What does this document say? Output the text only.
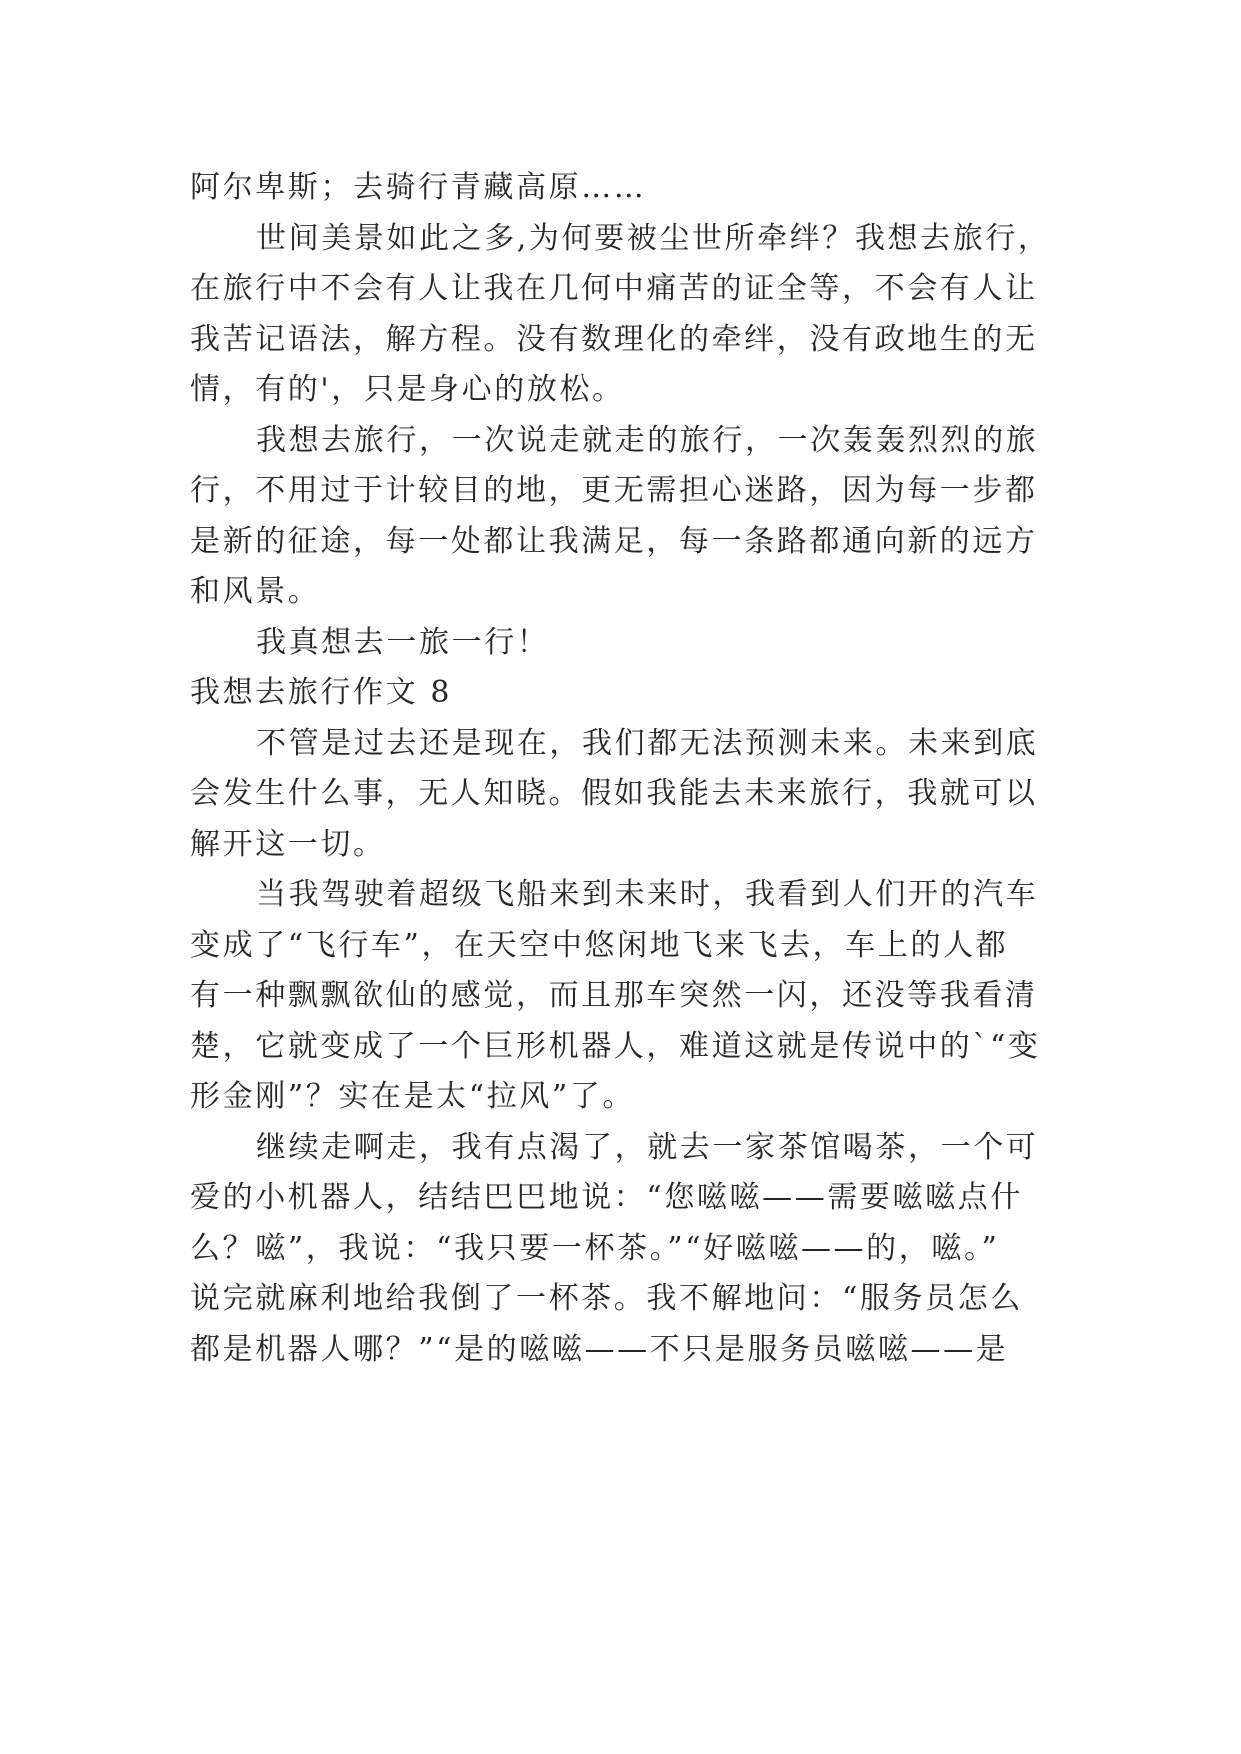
阿尔卑斯；去骑行青藏高原……
世间美景如此之多,为何要被尘世所牵绊？我想去旅行，
在旅行中不会有人让我在几何中痛苦的证全等，不会有人让
我苦记语法，解方程。没有数理化的牵绊，没有政地生的无
情，有的'，只是身心的放松。
我想去旅行，一次说走就走的旅行，一次轰轰烈烈的旅
行，不用过于计较目的地，更无需担心迷路，因为每一步都
是新的征途，每一处都让我满足，每一条路都通向新的远方
和风景。
我真想去一旅一行！
我想去旅行作文 8
不管是过去还是现在，我们都无法预测未来。未来到底
会发生什么事，无人知晓。假如我能去未来旅行，我就可以
解开这一切。
当我驾驶着超级飞船来到未来时，我看到人们开的汽车
变成了“飞行车”，在天空中悠闲地飞来飞去，车上的人都
有一种飘飘欲仙的感觉，而且那车突然一闪，还没等我看清
楚，它就变成了一个巨形机器人，难道这就是传说中的`“变
形金刚”？实在是太“拉风”了。
继续走啊走，我有点渴了，就去一家茶馆喝茶，一个可
爱的小机器人，结结巴巴地说：“您嗞嗞——需要嗞嗞点什
么？嗞”，我说：“我只要一杯茶。”“好嗞嗞——的，嗞。”
说完就麻利地给我倒了一杯茶。我不解地问：“服务员怎么
都是机器人哪？”“是的嗞嗞——不只是服务员嗞嗞——是
